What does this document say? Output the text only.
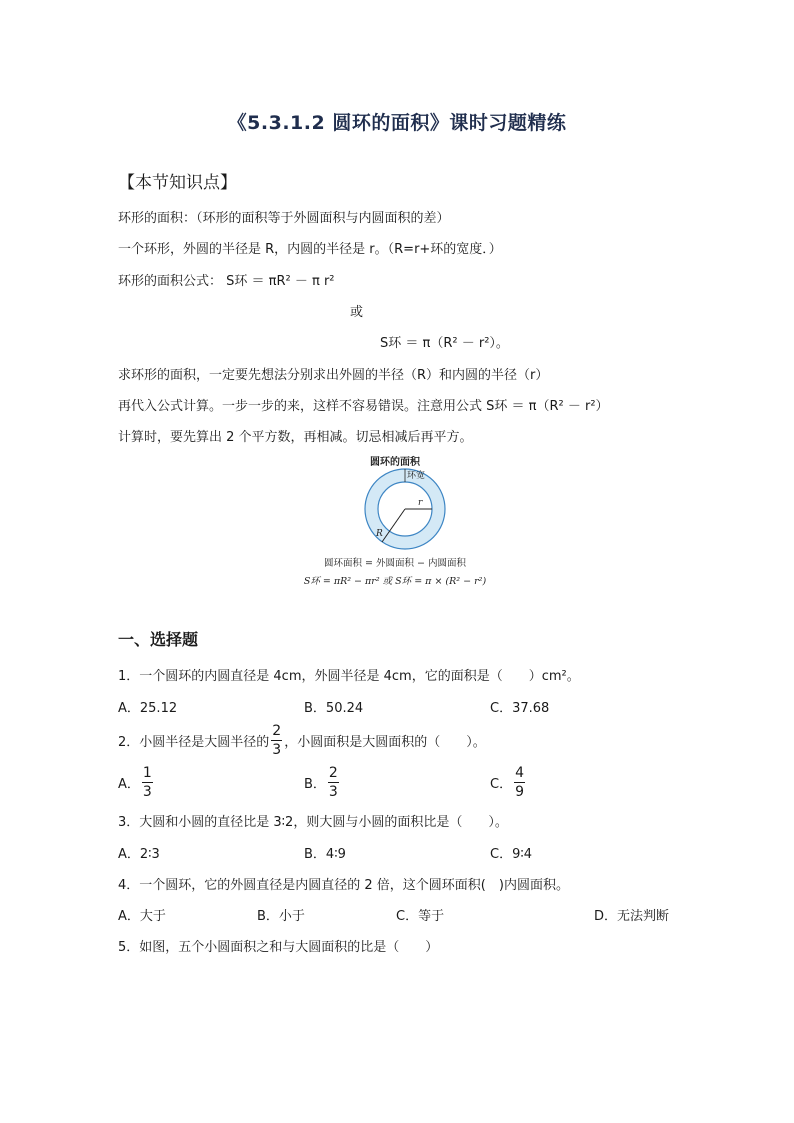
《5.3.1.2 圆环的面积》课时习题精练
【本节知识点】
环形的面积：（环形的面积等于外圆面积与内圆面积的差）
一个环形，外圆的半径是 R，内圆的半径是 r。（R=r+环的宽度．）
环形的面积公式： S环 ＝ πR² － π r²
或
S环 ＝ π（R² － r²）。
求环形的面积，一定要先想法分别求出外圆的半径（R）和内圆的半径（r）
再代入公式计算。一步一步的来，这样不容易错误。注意用公式 S环 ＝ π（R² － r²）
计算时，要先算出 2 个平方数，再相减。切忌相减后再平方。
圆环的面积
环宽
r
R
圆环面积 = 外圆面积 − 内圆面积
S环 = πR² − πr² 或 S环 = π × (R² − r²)
一、选择题
1．一个圆环的内圆直径是 4cm，外圆半径是 4cm，它的面积是（　　）cm²。
A．25.12	B．50.24	C．37.68
2．小圆半径是大圆半径的 $\frac{2}{3}$ ，小圆面积是大圆面积的（　　）。
A． $\frac{1}{3}$	B． $\frac{2}{3}$	C． $\frac{4}{9}$
3．大圆和小圆的直径比是 3∶2，则大圆与小圆的面积比是（　　）。
A．2∶3	B．4∶9	C．9∶4
4．一个圆环，它的外圆直径是内圆直径的 2 倍，这个圆环面积(　)内圆面积。
A．大于	B．小于	C．等于	D．无法判断
5．如图，五个小圆面积之和与大圆面积的比是（　　）
